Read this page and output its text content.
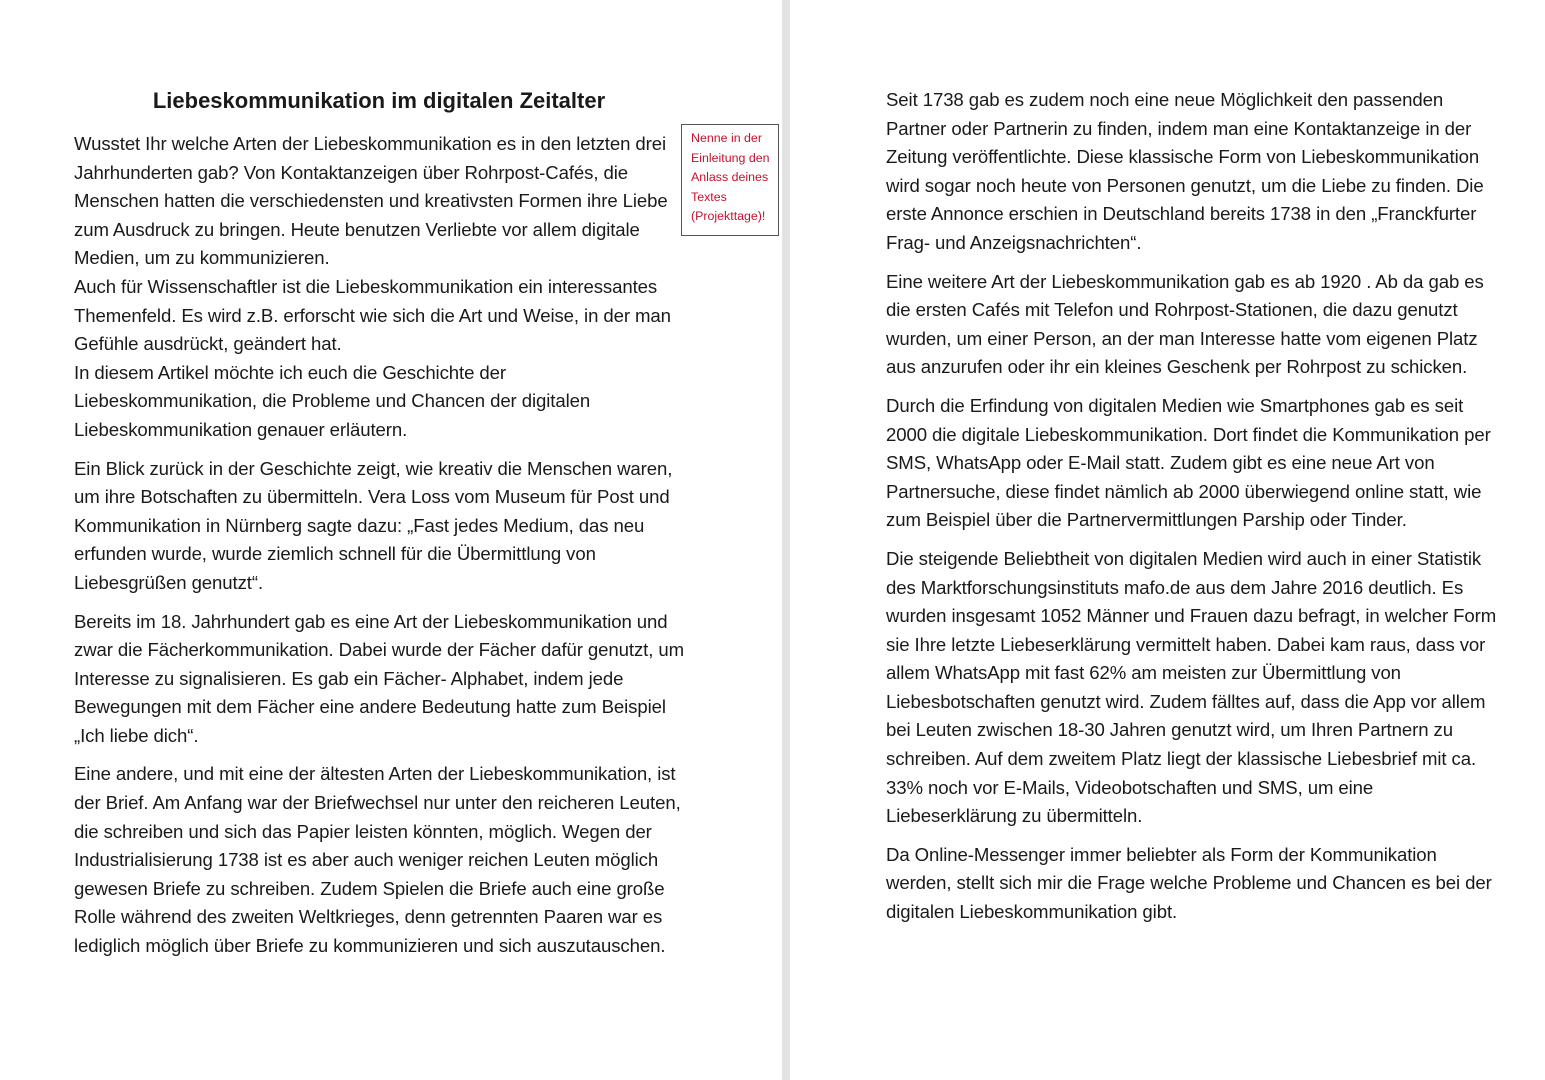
Liebeskommunikation im digitalen Zeitalter

Wusstet Ihr welche Arten der Liebeskommunikation es in den letzten drei Jahrhunderten gab? Von Kontaktanzeigen über Rohrpost-Cafés, die Menschen hatten die verschiedensten und kreativsten Formen ihre Liebe zum Ausdruck zu bringen. Heute benutzen Verliebte vor allem digitale Medien, um zu kommunizieren.

Auch für Wissenschaftler ist die Liebeskommunikation ein interessantes Themenfeld. Es wird z.B. erforscht wie sich die Art und Weise, in der man Gefühle ausdrückt, geändert hat.

In diesem Artikel möchte ich euch die Geschichte der Liebeskommunikation, die Probleme und Chancen der digitalen Liebeskommunikation genauer erläutern.

Ein Blick zurück in der Geschichte zeigt, wie kreativ die Menschen waren, um ihre Botschaften zu übermitteln. Vera Loss vom Museum für Post und Kommunikation in Nürnberg sagte dazu: „Fast jedes Medium, das neu erfunden wurde, wurde ziemlich schnell für die Übermittlung von Liebesgrüßen genutzt“.

Bereits im 18. Jahrhundert gab es eine Art der Liebeskommunikation und zwar die Fächerkommunikation. Dabei wurde der Fächer dafür genutzt, um Interesse zu signalisieren. Es gab ein Fächer- Alphabet, indem jede Bewegungen mit dem Fächer eine andere Bedeutung hatte zum Beispiel „Ich liebe dich“.

Eine andere, und mit eine der ältesten Arten der Liebeskommunikation, ist der Brief. Am Anfang war der Briefwechsel nur unter den reicheren Leuten, die schreiben und sich das Papier leisten könnten, möglich. Wegen der Industrialisierung 1738 ist es aber auch weniger reichen Leuten möglich gewesen Briefe zu schreiben. Zudem Spielen die Briefe auch eine große Rolle während des zweiten Weltkrieges, denn getrennten Paaren war es lediglich möglich über Briefe zu kommunizieren und sich auszutauschen.

Nenne in der Einleitung den Anlass deines Textes (Projekttage)!

Seit 1738 gab es zudem noch eine neue Möglichkeit den passenden Partner oder Partnerin zu finden, indem man eine Kontaktanzeige in der Zeitung veröffentlichte. Diese klassische Form von Liebeskommunikation wird sogar noch heute von Personen genutzt, um die Liebe zu finden. Die erste Annonce erschien in Deutschland bereits 1738 in den „Franckfurter Frag- und Anzeigsnachrichten“.

Eine weitere Art der Liebeskommunikation gab es ab 1920 . Ab da gab es die ersten Cafés mit Telefon und Rohrpost-Stationen, die dazu genutzt wurden, um einer Person, an der man Interesse hatte vom eigenen Platz aus anzurufen oder ihr ein kleines Geschenk per Rohrpost zu schicken.

Durch die Erfindung von digitalen Medien wie Smartphones gab es seit 2000 die digitale Liebeskommunikation. Dort findet die Kommunikation per SMS, WhatsApp oder E-Mail statt. Zudem gibt es eine neue Art von Partnersuche, diese findet nämlich ab 2000 überwiegend online statt, wie zum Beispiel über die Partnervermittlungen Parship oder Tinder.

Die steigende Beliebtheit von digitalen Medien wird auch in einer Statistik des Marktforschungsinstituts mafo.de aus dem Jahre 2016 deutlich. Es wurden insgesamt 1052 Männer und Frauen dazu befragt, in welcher Form sie Ihre letzte Liebeserklärung vermittelt haben. Dabei kam raus, dass vor allem WhatsApp mit fast 62% am meisten zur Übermittlung von Liebesbotschaften genutzt wird. Zudem fälltes auf, dass die App vor allem bei Leuten zwischen 18-30 Jahren genutzt wird, um Ihren Partnern zu schreiben. Auf dem zweitem Platz liegt der klassische Liebesbrief mit ca. 33% noch vor E-Mails, Videobotschaften und SMS, um eine Liebeserklärung zu übermitteln.

Da Online-Messenger immer beliebter als Form der Kommunikation werden, stellt sich mir die Frage welche Probleme und Chancen es bei der digitalen Liebeskommunikation gibt.
